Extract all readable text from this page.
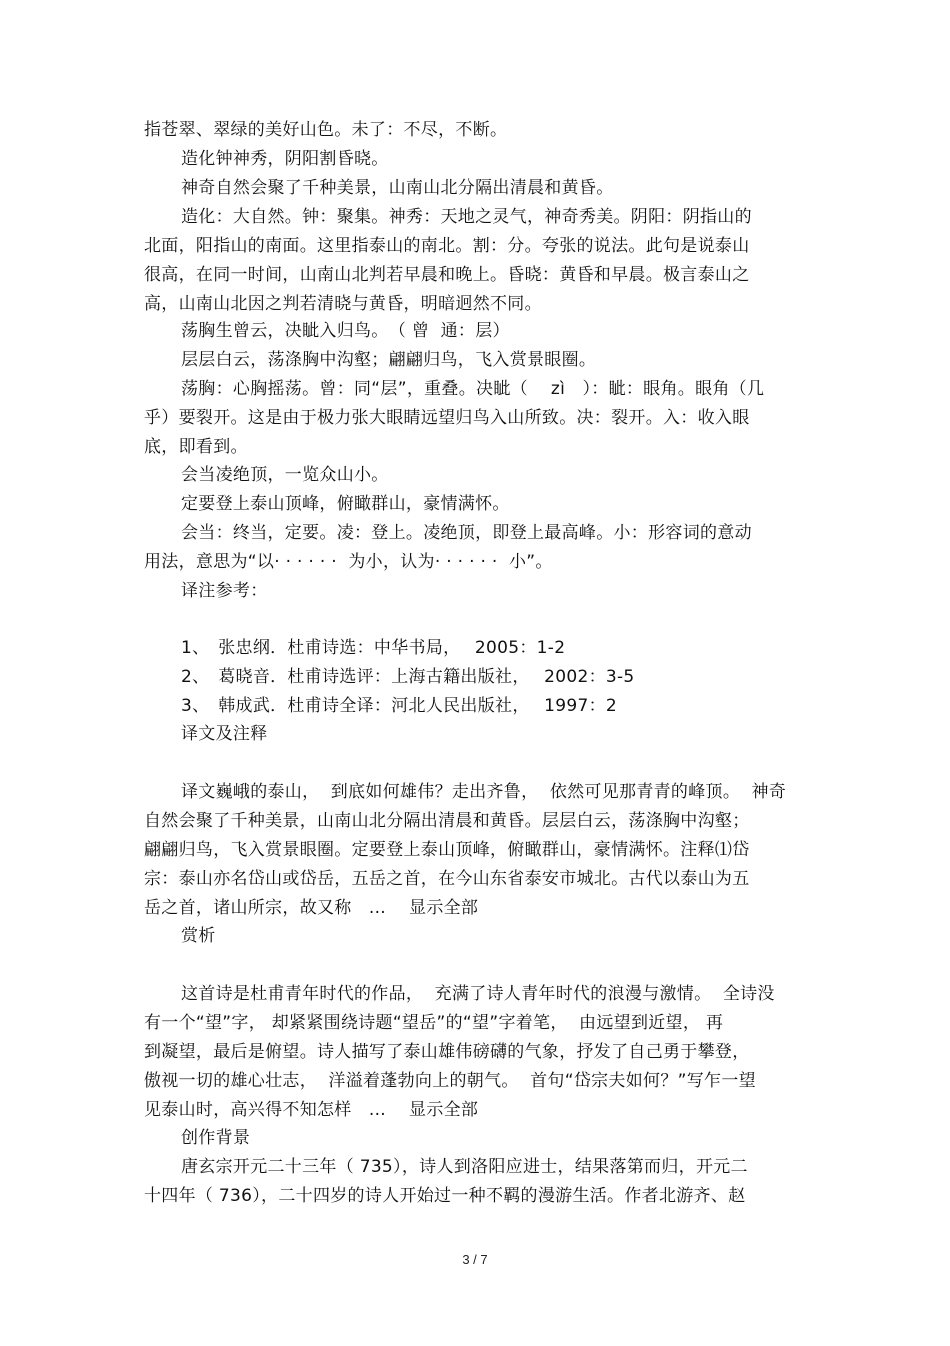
指苍翠、翠绿的美好山色。未了：不尽，不断。
造化钟神秀，阴阳割昏晓。
神奇自然会聚了千种美景，山南山北分隔出清晨和黄昏。
造化：大自然。钟：聚集。神秀：天地之灵气，神奇秀美。阴阳：阴指山的
北面，阳指山的南面。这里指泰山的南北。割：分。夸张的说法。此句是说泰山
很高，在同一时间，山南山北判若早晨和晚上。昏晓：黄昏和早晨。极言泰山之
高，山南山北因之判若清晓与黄昏，明暗迥然不同。
荡胸生曾云，决眦入归鸟。　（ 曾  通：层）
层层白云，荡涤胸中沟壑；翩翩归鸟，飞入赏景眼圈。
荡胸：心胸摇荡。曾：同“层”，重叠。决眦（　 zì　）：眦：眼角。眼角（几
乎）要裂开。这是由于极力张大眼睛远望归鸟入山所致。决：裂开。入：收入眼
底，即看到。
会当凌绝顶，一览众山小。
定要登上泰山顶峰，俯瞰群山，豪情满怀。
会当：终当，定要。凌：登上。凌绝顶，即登上最高峰。小：形容词的意动
用法，意思为“以· · · · · ·  为小，认为· · · · · ·  小”。
译注参考：
1、　张忠纲．杜甫诗选：中华书局，　 2005：1-2
2、　葛晓音．杜甫诗选评：上海古籍出版社，　 2002：3-5
3、　韩成武．杜甫诗全译：河北人民出版社，　 1997：2
译文及注释
译文巍峨的泰山，  到底如何雄伟？走出齐鲁，  依然可见那青青的峰顶。  神奇
自然会聚了千种美景，山南山北分隔出清晨和黄昏。层层白云，荡涤胸中沟壑；
翩翩归鸟，飞入赏景眼圈。定要登上泰山顶峰，俯瞰群山，豪情满怀。注释⑴岱
宗：泰山亦名岱山或岱岳，五岳之首，在今山东省泰安市城北。古代以泰山为五
岳之首，诸山所宗，故又称　...　 显示全部
赏析
这首诗是杜甫青年时代的作品，  充满了诗人青年时代的浪漫与激情。  全诗没
有一个“望”字， 却紧紧围绕诗题“望岳”的“望”字着笔，  由远望到近望， 再
到凝望，最后是俯望。诗人描写了泰山雄伟磅礴的气象，抒发了自己勇于攀登，
傲视一切的雄心壮志，  洋溢着蓬勃向上的朝气。  首句“岱宗夫如何？”写乍一望
见泰山时，高兴得不知怎样　...　 显示全部
创作背景
唐玄宗开元二十三年（ 735），诗人到洛阳应进士，结果落第而归，开元二
十四年（ 736），二十四岁的诗人开始过一种不羁的漫游生活。作者北游齐、赵
3 / 7
